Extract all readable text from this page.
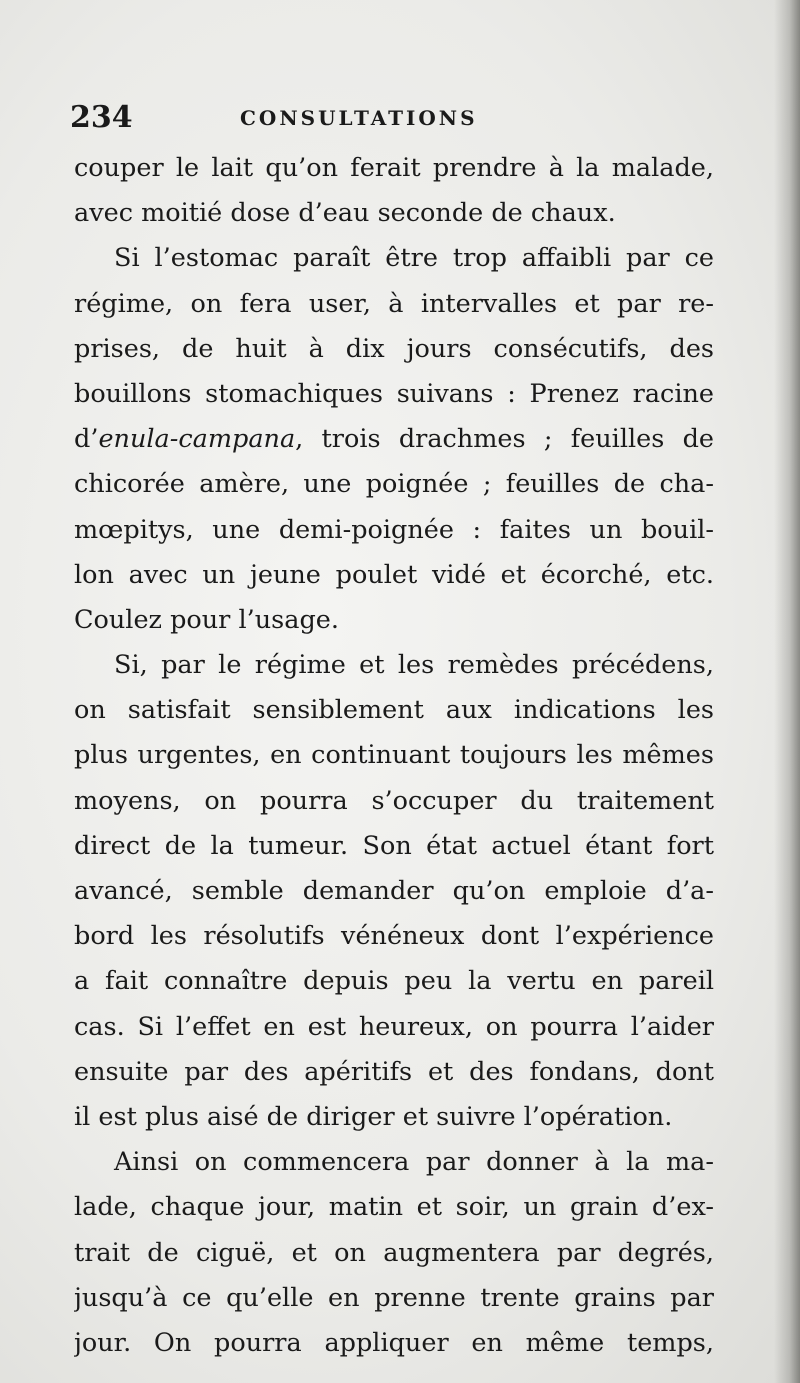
234	CONSULTATIONS
couper le lait qu’on ferait prendre à la malade,
avec moitié dose d’eau seconde de chaux.
Si l’estomac paraît être trop affaibli par ce
régime, on fera user, à intervalles et par re-
prises, de huit à dix jours consécutifs, des
bouillons stomachiques suivans : Prenez racine
d’enula-campana, trois drachmes ; feuilles de
chicorée amère, une poignée ; feuilles de cha-
mœpitys, une demi-poignée : faites un bouil-
lon avec un jeune poulet vidé et écorché, etc.
Coulez pour l’usage.
Si, par le régime et les remèdes précédens,
on satisfait sensiblement aux indications les
plus urgentes, en continuant toujours les mêmes
moyens, on pourra s’occuper du traitement
direct de la tumeur. Son état actuel étant fort
avancé, semble demander qu’on emploie d’a-
bord les résolutifs vénéneux dont l’expérience
a fait connaître depuis peu la vertu en pareil
cas. Si l’effet en est heureux, on pourra l’aider
ensuite par des apéritifs et des fondans, dont
il est plus aisé de diriger et suivre l’opération.
Ainsi on commencera par donner à la ma-
lade, chaque jour, matin et soir, un grain d’ex-
trait de ciguë, et on augmentera par degrés,
jusqu’à ce qu’elle en prenne trente grains par
jour. On pourra appliquer en même temps,
